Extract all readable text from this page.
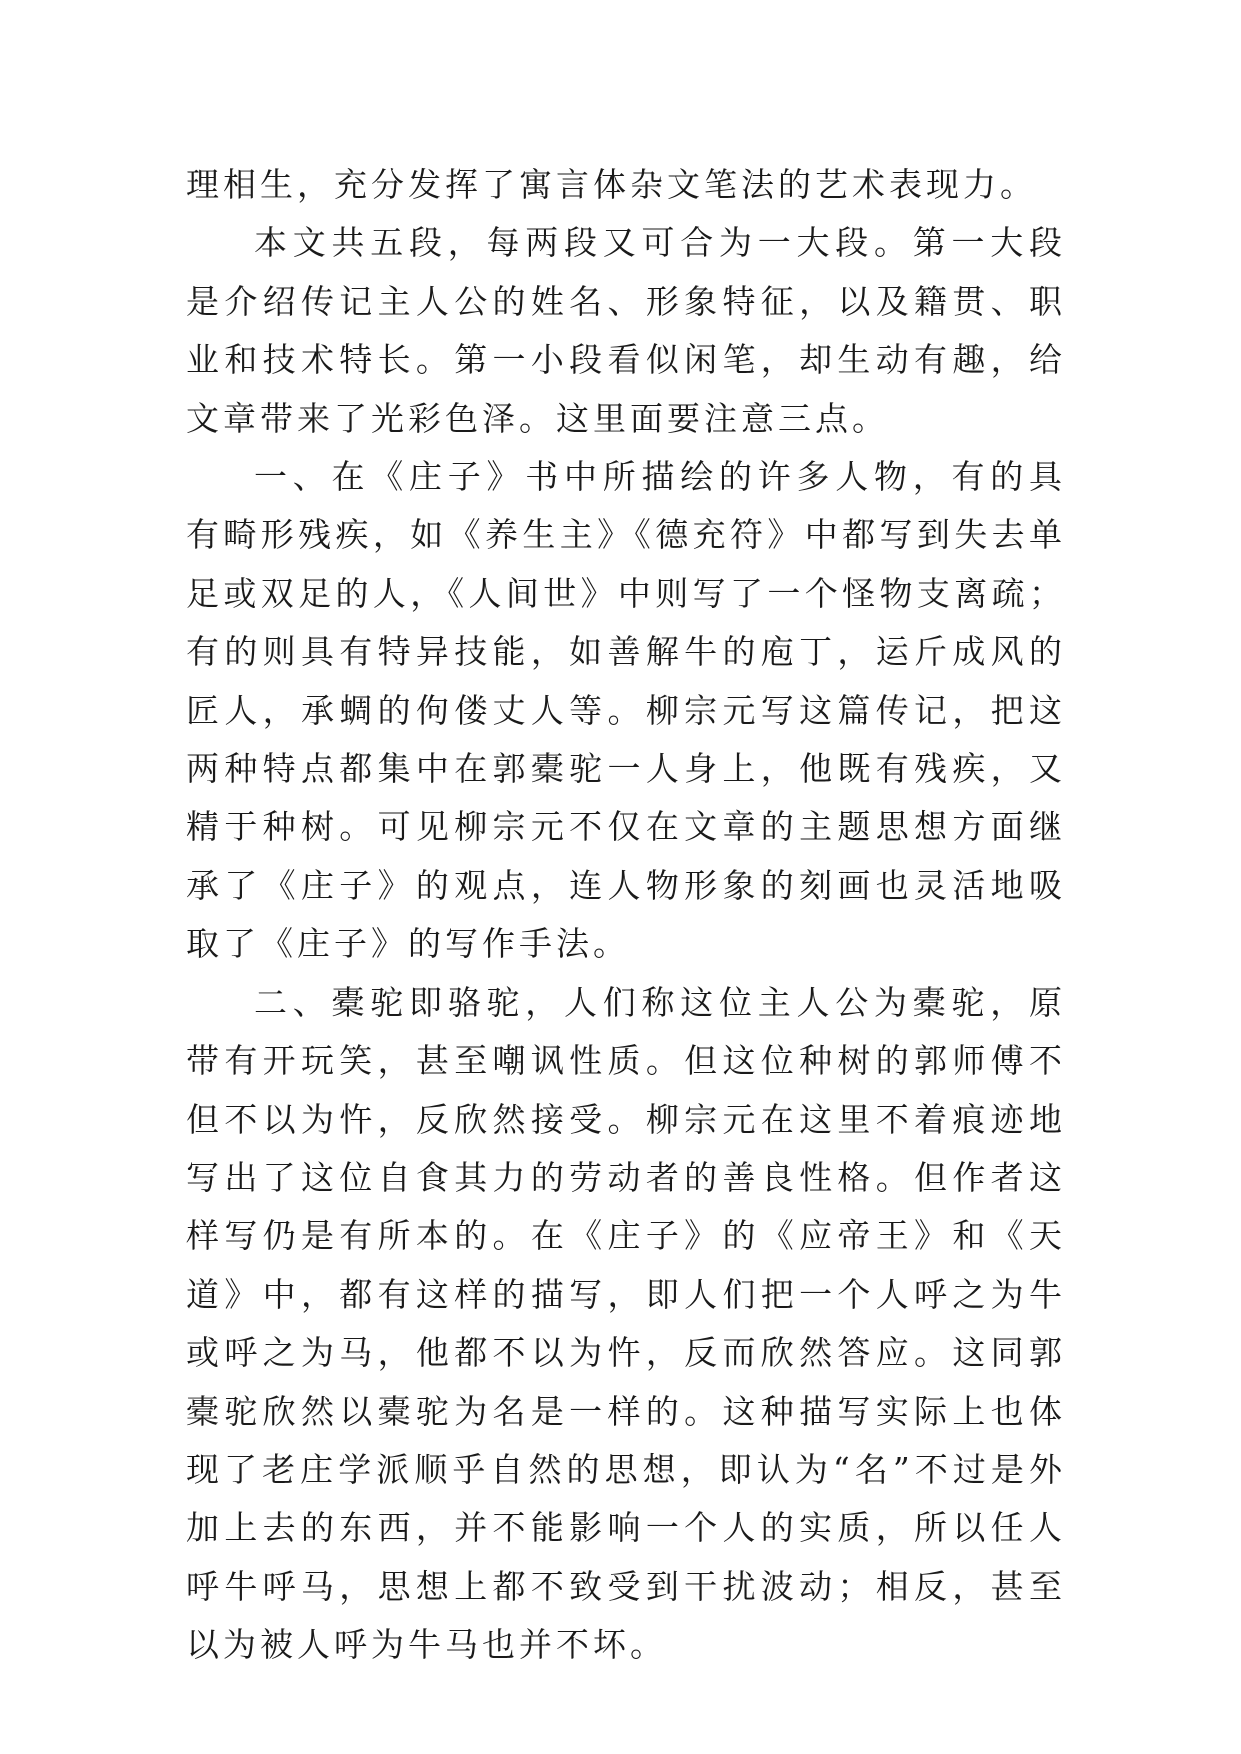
理相生，充分发挥了寓言体杂文笔法的艺术表现力。

本文共五段，每两段又可合为一大段。第一大段是介绍传记主人公的姓名、形象特征，以及籍贯、职业和技术特长。第一小段看似闲笔，却生动有趣，给文章带来了光彩色泽。这里面要注意三点。

一、在《庄子》书中所描绘的许多人物，有的具有畸形残疾，如《养生主》《德充符》中都写到失去单足或双足的人，《人间世》中则写了一个怪物支离疏；有的则具有特异技能，如善解牛的庖丁，运斤成风的匠人，承蜩的佝偻丈人等。柳宗元写这篇传记，把这两种特点都集中在郭橐驼一人身上，他既有残疾，又精于种树。可见柳宗元不仅在文章的主题思想方面继承了《庄子》的观点，连人物形象的刻画也灵活地吸取了《庄子》的写作手法。

二、橐驼即骆驼，人们称这位主人公为橐驼，原带有开玩笑，甚至嘲讽性质。但这位种树的郭师傅不但不以为忤，反欣然接受。柳宗元在这里不着痕迹地写出了这位自食其力的劳动者的善良性格。但作者这样写仍是有所本的。在《庄子》的《应帝王》和《天道》中，都有这样的描写，即人们把一个人呼之为牛或呼之为马，他都不以为忤，反而欣然答应。这同郭橐驼欣然以橐驼为名是一样的。这种描写实际上也体现了老庄学派顺乎自然的思想，即认为“名”不过是外加上去的东西，并不能影响一个人的实质，所以任人呼牛呼马，思想上都不致受到干扰波动；相反，甚至以为被人呼为牛马也并不坏。
